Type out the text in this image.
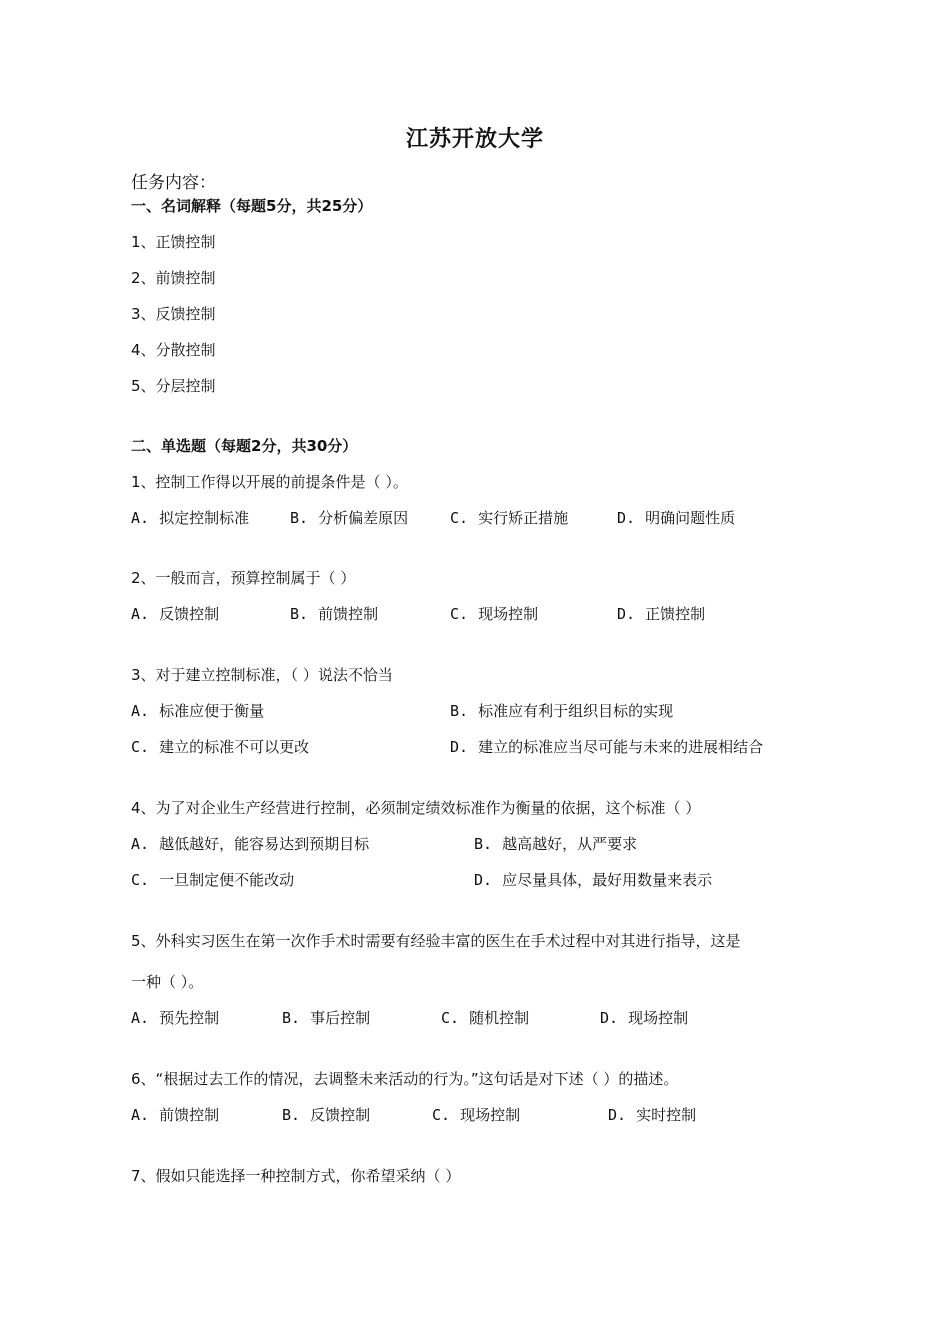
江苏开放大学
任务内容：
一、名词解释（每题5分，共25分）
1、正馈控制
2、前馈控制
3、反馈控制
4、分散控制
5、分层控制
二、单选题（每题2分，共30分）
1、控制工作得以开展的前提条件是（ ）。
A. 拟定控制标准	B. 分析偏差原因	C. 实行矫正措施	D. 明确问题性质
2、一般而言，预算控制属于（ ）
A. 反馈控制	B. 前馈控制	C. 现场控制	D. 正馈控制
3、对于建立控制标准，（ ）说法不恰当
A. 标准应便于衡量	B. 标准应有利于组织目标的实现
C. 建立的标准不可以更改	D. 建立的标准应当尽可能与未来的进展相结合
4、为了对企业生产经营进行控制，必须制定绩效标准作为衡量的依据，这个标准（ ）
A. 越低越好，能容易达到预期目标	B. 越高越好，从严要求
C. 一旦制定便不能改动	D. 应尽量具体，最好用数量来表示
5、外科实习医生在第一次作手术时需要有经验丰富的医生在手术过程中对其进行指导，这是
一种（ ）。
A. 预先控制	B. 事后控制	C. 随机控制	D. 现场控制
6、“根据过去工作的情况，去调整未来活动的行为。”这句话是对下述（ ）的描述。
A. 前馈控制	B. 反馈控制	C. 现场控制	D. 实时控制
7、假如只能选择一种控制方式，你希望采纳（ ）
